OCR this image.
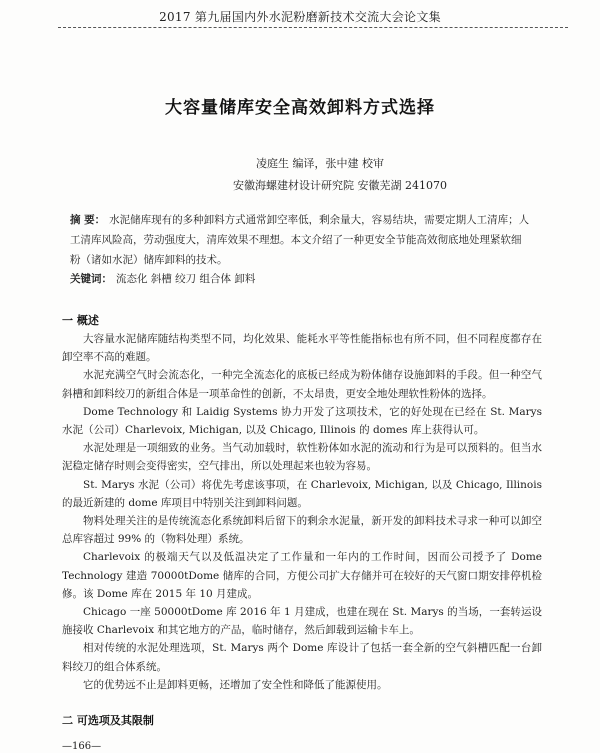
2017 第九届国内外水泥粉磨新技术交流大会论文集
大容量储库安全高效卸料方式选择
凌庭生 编译，张中建 校审
安徽海螺建材设计研究院 安徽芜湖 241070
摘 要： 水泥储库现有的多种卸料方式通常卸空率低，剩余量大，容易结块，需要定期人工清库；人工清库风险高，劳动强度大，清库效果不理想。本文介绍了一种更安全节能高效彻底地处理紧软细粉（诸如水泥）储库卸料的技术。
关键词： 流态化 斜槽 绞刀 组合体 卸料
一 概述

大容量水泥储库随结构类型不同，均化效果、能耗水平等性能指标也有所不同，但不同程度都存在卸空率不高的难题。

水泥充满空气时会流态化，一种完全流态化的底板已经成为粉体储存设施卸料的手段。但一种空气斜槽和卸料绞刀的新组合体是一项革命性的创新，不太昂贵，更安全地处理软性粉体的选择。

Dome Technology 和 Laidig Systems 协力开发了这项技术，它的好处现在已经在 St. Marys 水泥（公司）Charlevoix, Michigan, 以及 Chicago, Illinois 的 domes 库上获得认可。

水泥处理是一项细致的业务。当气动加载时，软性粉体如水泥的流动和行为是可以预料的。但当水泥稳定储存时则会变得密实，空气排出，所以处理起来也较为容易。

St. Marys 水泥（公司）将优先考虑该事项，在 Charlevoix, Michigan, 以及 Chicago, Illinois 的最近新建的 dome 库项目中特别关注到卸料问题。

物料处理关注的是传统流态化系统卸料后留下的剩余水泥量，新开发的卸料技术寻求一种可以卸空总库容超过 99% 的（物料处理）系统。

Charlevoix 的极端天气以及低温决定了工作量和一年内的工作时间，因而公司授予了 Dome Technology 建造 70000tDome 储库的合同，方便公司扩大存储并可在较好的天气窗口期安排停机检修。该 Dome 库在 2015 年 10 月建成。

Chicago 一座 50000tDome 库 2016 年 1 月建成，也建在现在 St. Marys 的当场，一套转运设施接收 Charlevoix 和其它地方的产品，临时储存，然后卸载到运输卡车上。

相对传统的水泥处理选项，St. Marys 两个 Dome 库设计了包括一套全新的空气斜槽匹配一台卸料绞刀的组合体系统。

它的优势远不止是卸料更畅，还增加了安全性和降低了能源使用。

二 可选项及其限制
—166—
